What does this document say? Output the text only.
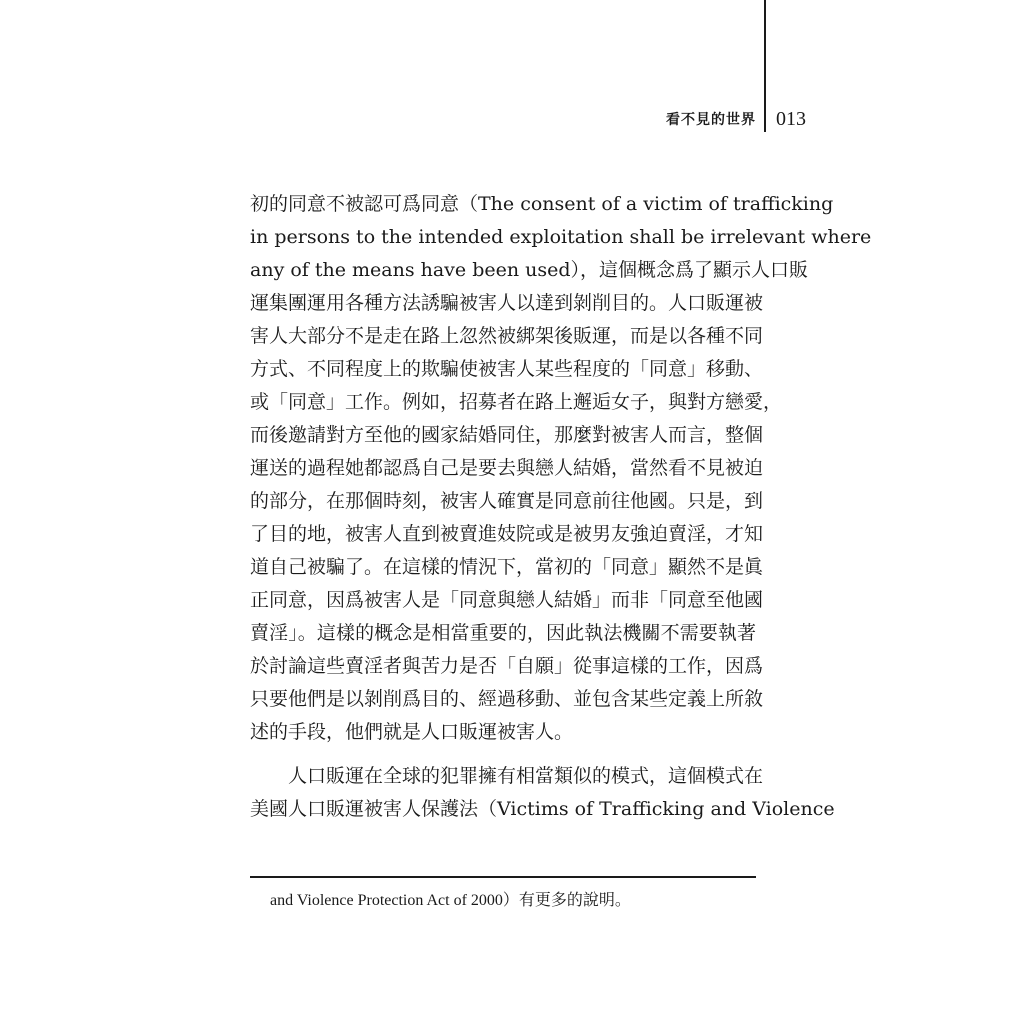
看不見的世界 013
初的同意不被認可爲同意（The consent of a victim of trafficking
in persons to the intended exploitation shall be irrelevant where
any of the means have been used），這個概念爲了顯示人口販
運集團運用各種方法誘騙被害人以達到剝削目的。人口販運被
害人大部分不是走在路上忽然被綁架後販運，而是以各種不同
方式、不同程度上的欺騙使被害人某些程度的「同意」移動、
或「同意」工作。例如，招募者在路上邂逅女子，與對方戀愛，
而後邀請對方至他的國家結婚同住，那麼對被害人而言，整個
運送的過程她都認爲自己是要去與戀人結婚，當然看不見被迫
的部分，在那個時刻，被害人確實是同意前往他國。只是，到
了目的地，被害人直到被賣進妓院或是被男友強迫賣淫，才知
道自己被騙了。在這樣的情況下，當初的「同意」顯然不是眞
正同意，因爲被害人是「同意與戀人結婚」而非「同意至他國
賣淫」。這樣的概念是相當重要的，因此執法機關不需要執著
於討論這些賣淫者與苦力是否「自願」從事這樣的工作，因爲
只要他們是以剝削爲目的、經過移動、並包含某些定義上所敘
述的手段，他們就是人口販運被害人。
人口販運在全球的犯罪擁有相當類似的模式，這個模式在
美國人口販運被害人保護法（Victims of Trafficking and Violence
and Violence Protection Act of 2000）有更多的說明。
